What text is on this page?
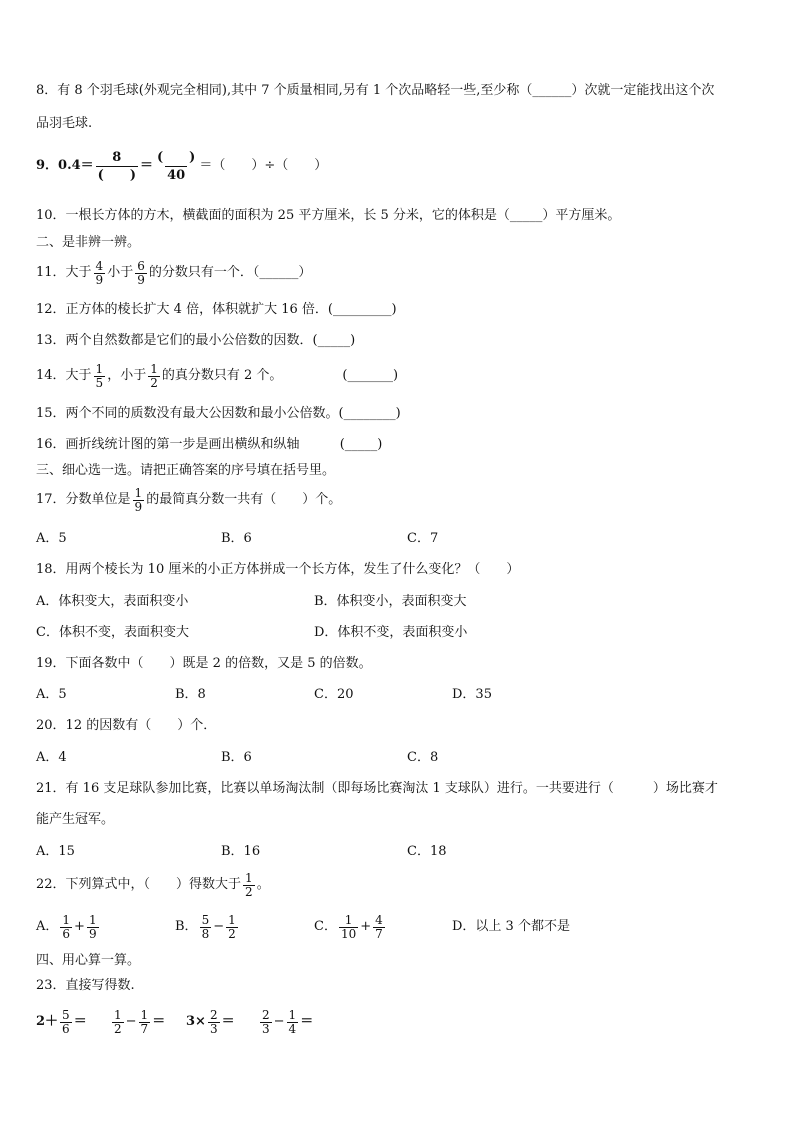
8．有 8 个羽毛球(外观完全相同),其中 7 个质量相同,另有 1 个次品略轻一些,至少称（______）次就一定能找出这个次
品羽毛球.
9．$0.4= \frac{8}{( )} = \frac{( )}{40}$ ＝（　　）÷（　　）
10．一根长方体的方木，横截面的面积为 25 平方厘米，长 5 分米，它的体积是（_____）平方厘米。
二、是非辨一辨。
11．大于 $\frac{4}{9}$ 小于 $\frac{6}{9}$ 的分数只有一个．（______）
12．正方体的棱长扩大 4 倍，体积就扩大 16 倍．(_________)
13．两个自然数都是它们的最小公倍数的因数．(_____)
14．大于 $\frac{1}{5}$ ，小于 $\frac{1}{2}$ 的真分数只有 2 个。	(_______)
15．两个不同的质数没有最大公因数和最小公倍数。(________)
16．画折线统计图的第一步是画出横纵和纵轴	(_____)
三、细心选一选。请把正确答案的序号填在括号里。
17．分数单位是 $\frac{1}{9}$ 的最简真分数一共有（　　）个。
A．5	B．6	C．7
18．用两个棱长为 10 厘米的小正方体拼成一个长方体，发生了什么变化？（　　）
A．体积变大，表面积变小	B．体积变小，表面积变大
C．体积不变，表面积变大	D．体积不变，表面积变小
19．下面各数中（　　）既是 2 的倍数，又是 5 的倍数。
A．5	B．8	C．20	D．35
20．12 的因数有（　　）个．
A．4	B．6	C．8
21．有 16 支足球队参加比赛，比赛以单场淘汰制（即每场比赛淘汰 1 支球队）进行。一共要进行（　　　）场比赛才
能产生冠军。
A．15	B．16	C．18
22．下列算式中，（　　）得数大于 $\frac{1}{2}$ 。
A． $\frac{1}{6} + \frac{1}{9}$	B． $\frac{5}{8} - \frac{1}{2}$	C． $\frac{1}{10} + \frac{4}{7}$	D．以上 3 个都不是
四、用心算一算。
23．直接写得数.
$2+ \frac{5}{6} = \frac{1}{2} - \frac{1}{7} = 3\times \frac{2}{3} = \frac{2}{3} - \frac{1}{4}$ ＝
